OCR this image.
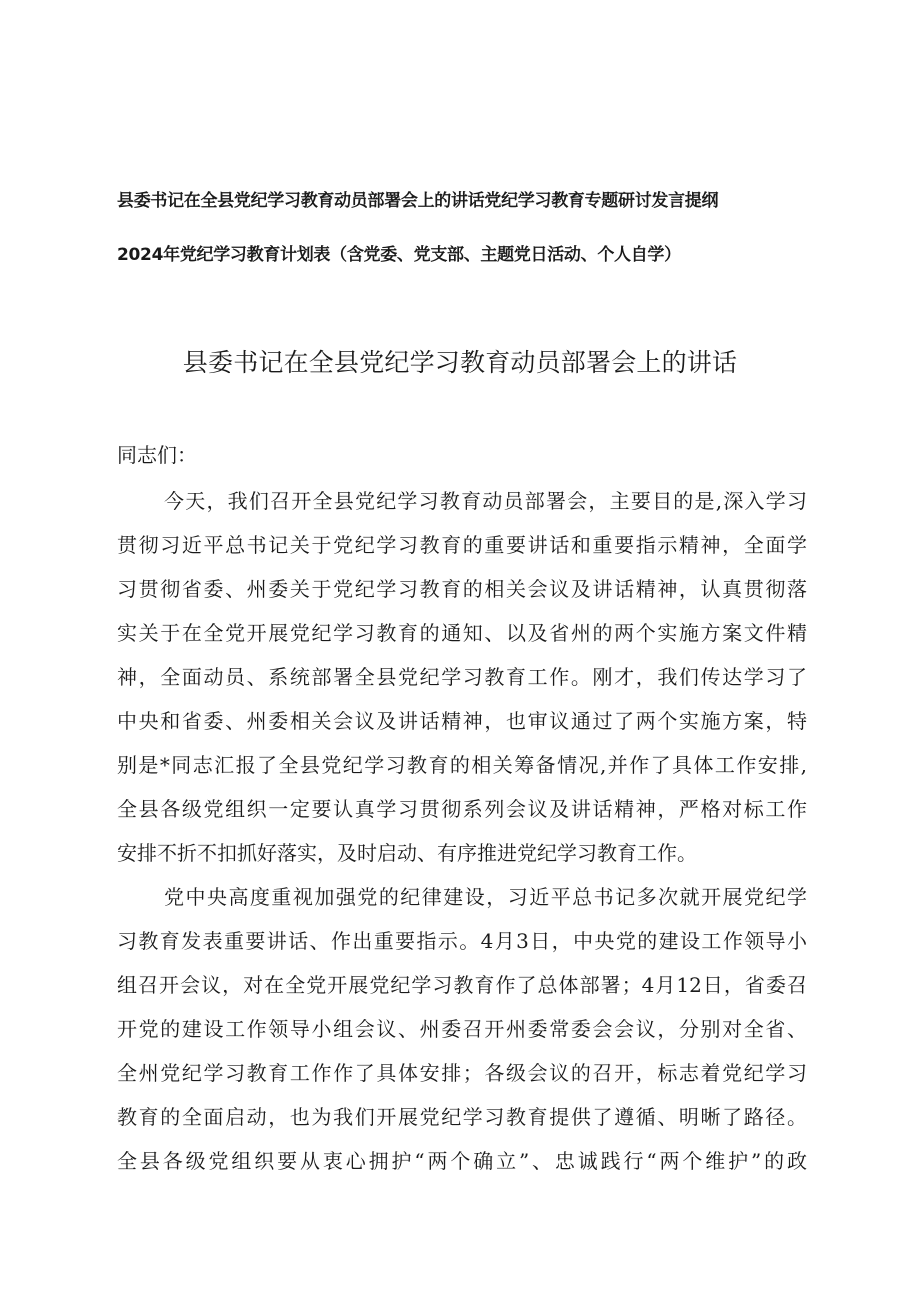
县委书记在全县党纪学习教育动员部署会上的讲话党纪学习教育专题研讨发言提纲
2024年党纪学习教育计划表（含党委、党支部、主题党日活动、个人自学）
县委书记在全县党纪学习教育动员部署会上的讲话
同志们：
今天，我们召开全县党纪学习教育动员部署会，主要目的是,深入学习
贯彻习近平总书记关于党纪学习教育的重要讲话和重要指示精神，全面学
习贯彻省委、州委关于党纪学习教育的相关会议及讲话精神，认真贯彻落
实关于在全党开展党纪学习教育的通知、以及省州的两个实施方案文件精
神，全面动员、系统部署全县党纪学习教育工作。刚才，我们传达学习了
中央和省委、州委相关会议及讲话精神，也审议通过了两个实施方案，特
别是*同志汇报了全县党纪学习教育的相关筹备情况,并作了具体工作安排,
全县各级党组织一定要认真学习贯彻系列会议及讲话精神，严格对标工作
安排不折不扣抓好落实，及时启动、有序推进党纪学习教育工作。
党中央高度重视加强党的纪律建设，习近平总书记多次就开展党纪学
习教育发表重要讲话、作出重要指示。4月3日，中央党的建设工作领导小
组召开会议，对在全党开展党纪学习教育作了总体部署；4月12日，省委召
开党的建设工作领导小组会议、州委召开州委常委会会议，分别对全省、
全州党纪学习教育工作作了具体安排；各级会议的召开，标志着党纪学习
教育的全面启动，也为我们开展党纪学习教育提供了遵循、明晰了路径。
全县各级党组织要从衷心拥护“两个确立”、忠诚践行“两个维护”的政
